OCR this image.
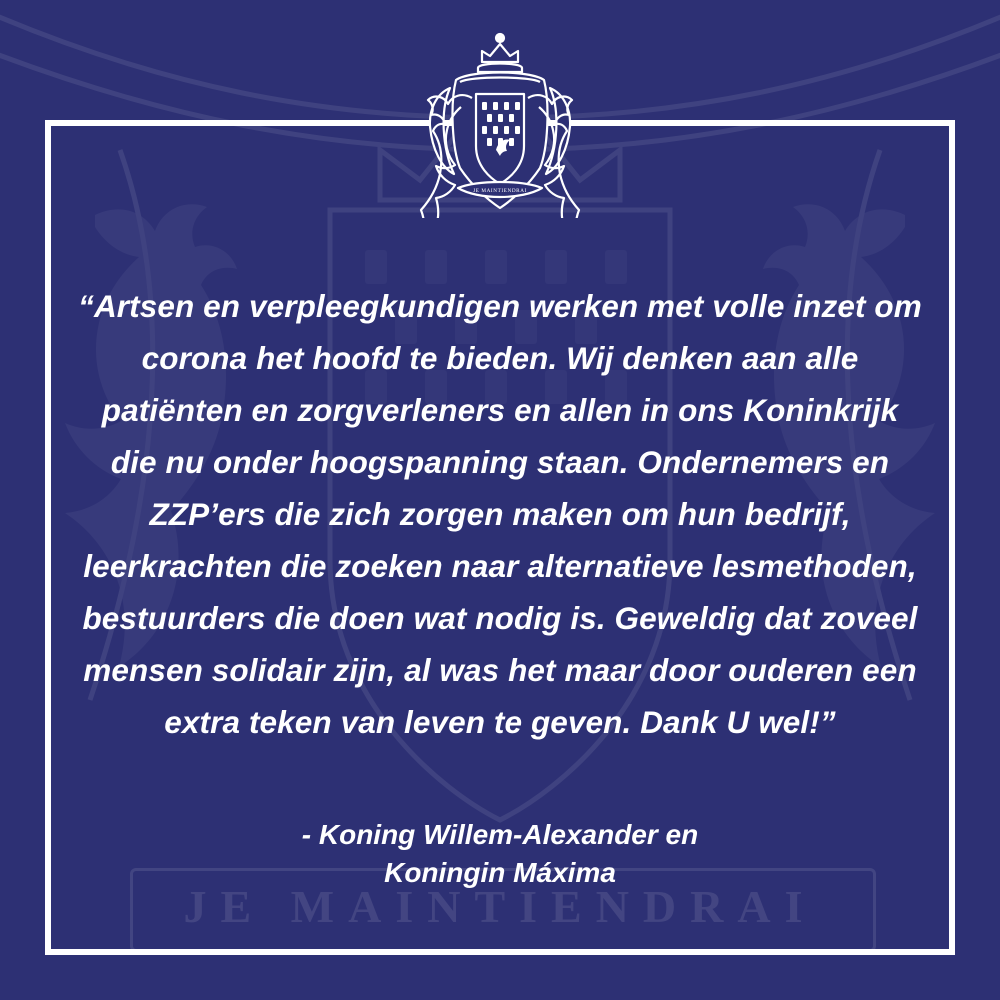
JE MAINTIENDRAI
JE MAINTIENDRAI

“Artsen en verpleegkundigen werken met volle inzet om corona het hoofd te bieden. Wij denken aan alle patiënten en zorgverleners en allen in ons Koninkrijk die nu onder hoogspanning staan. Ondernemers en ZZP’ers die zich zorgen maken om hun bedrijf, leerkrachten die zoeken naar alternatieve lesmethoden, bestuurders die doen wat nodig is. Geweldig dat zoveel mensen solidair zijn, al was het maar door ouderen een extra teken van leven te geven. Dank U wel!”

- Koning Willem-Alexander en
Koningin Máxima
